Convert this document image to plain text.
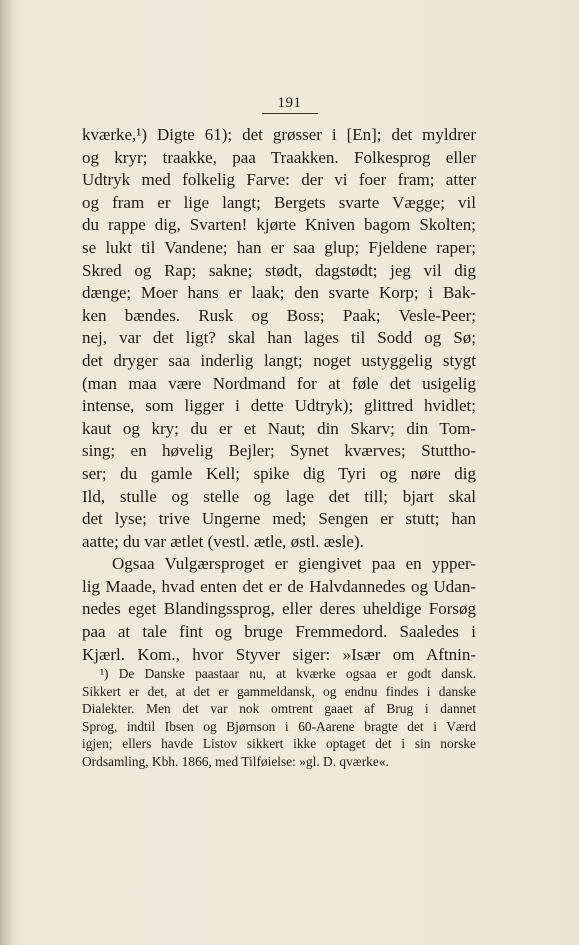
191
kværke,¹) Digte 61); det grøsser i [En]; det myldrer
og kryr; traakke, paa Traakken. Folkesprog eller
Udtryk med folkelig Farve: der vi foer fram; atter
og fram er lige langt; Bergets svarte Vægge; vil
du rappe dig, Svarten! kjørte Kniven bagom Skolten;
se lukt til Vandene; han er saa glup; Fjeldene raper;
Skred og Rap; sakne; stødt, dagstødt; jeg vil dig
dænge; Moer hans er laak; den svarte Korp; i Bak-
ken bændes. Rusk og Boss; Paak; Vesle-Peer;
nej, var det ligt? skal han lages til Sodd og Sø;
det dryger saa inderlig langt; noget ustyggelig stygt
(man maa være Nordmand for at føle det usigelig
intense, som ligger i dette Udtryk); glittred hvidlet;
kaut og kry; du er et Naut; din Skarv; din Tom-
sing; en høvelig Bejler; Synet kværves; Stuttho-
ser; du gamle Kell; spike dig Tyri og nøre dig
Ild, stulle og stelle og lage det till; bjart skal
det lyse; trive Ungerne med; Sengen er stutt; han
aatte; du var ætlet (vestl. ætle, østl. æsle).
Ogsaa Vulgærsproget er giengivet paa en ypper-
lig Maade, hvad enten det er de Halvdannedes og Udan-
nedes eget Blandingssprog, eller deres uheldige Forsøg
paa at tale fint og bruge Fremmedord. Saaledes i
Kjærl. Kom., hvor Styver siger: »Især om Aftnin-
¹) De Danske paastaar nu, at kværke ogsaa er godt dansk.
Sikkert er det, at det er gammeldansk, og endnu findes i danske
Dialekter. Men det var nok omtrent gaaet af Brug i dannet
Sprog, indtil Ibsen og Bjørnson i 60-Aarene bragte det i Værd
igjen; ellers havde Listov sikkert ikke optaget det i sin norske
Ordsamling, Kbh. 1866, med Tilføielse: »gl. D. qværke«.
